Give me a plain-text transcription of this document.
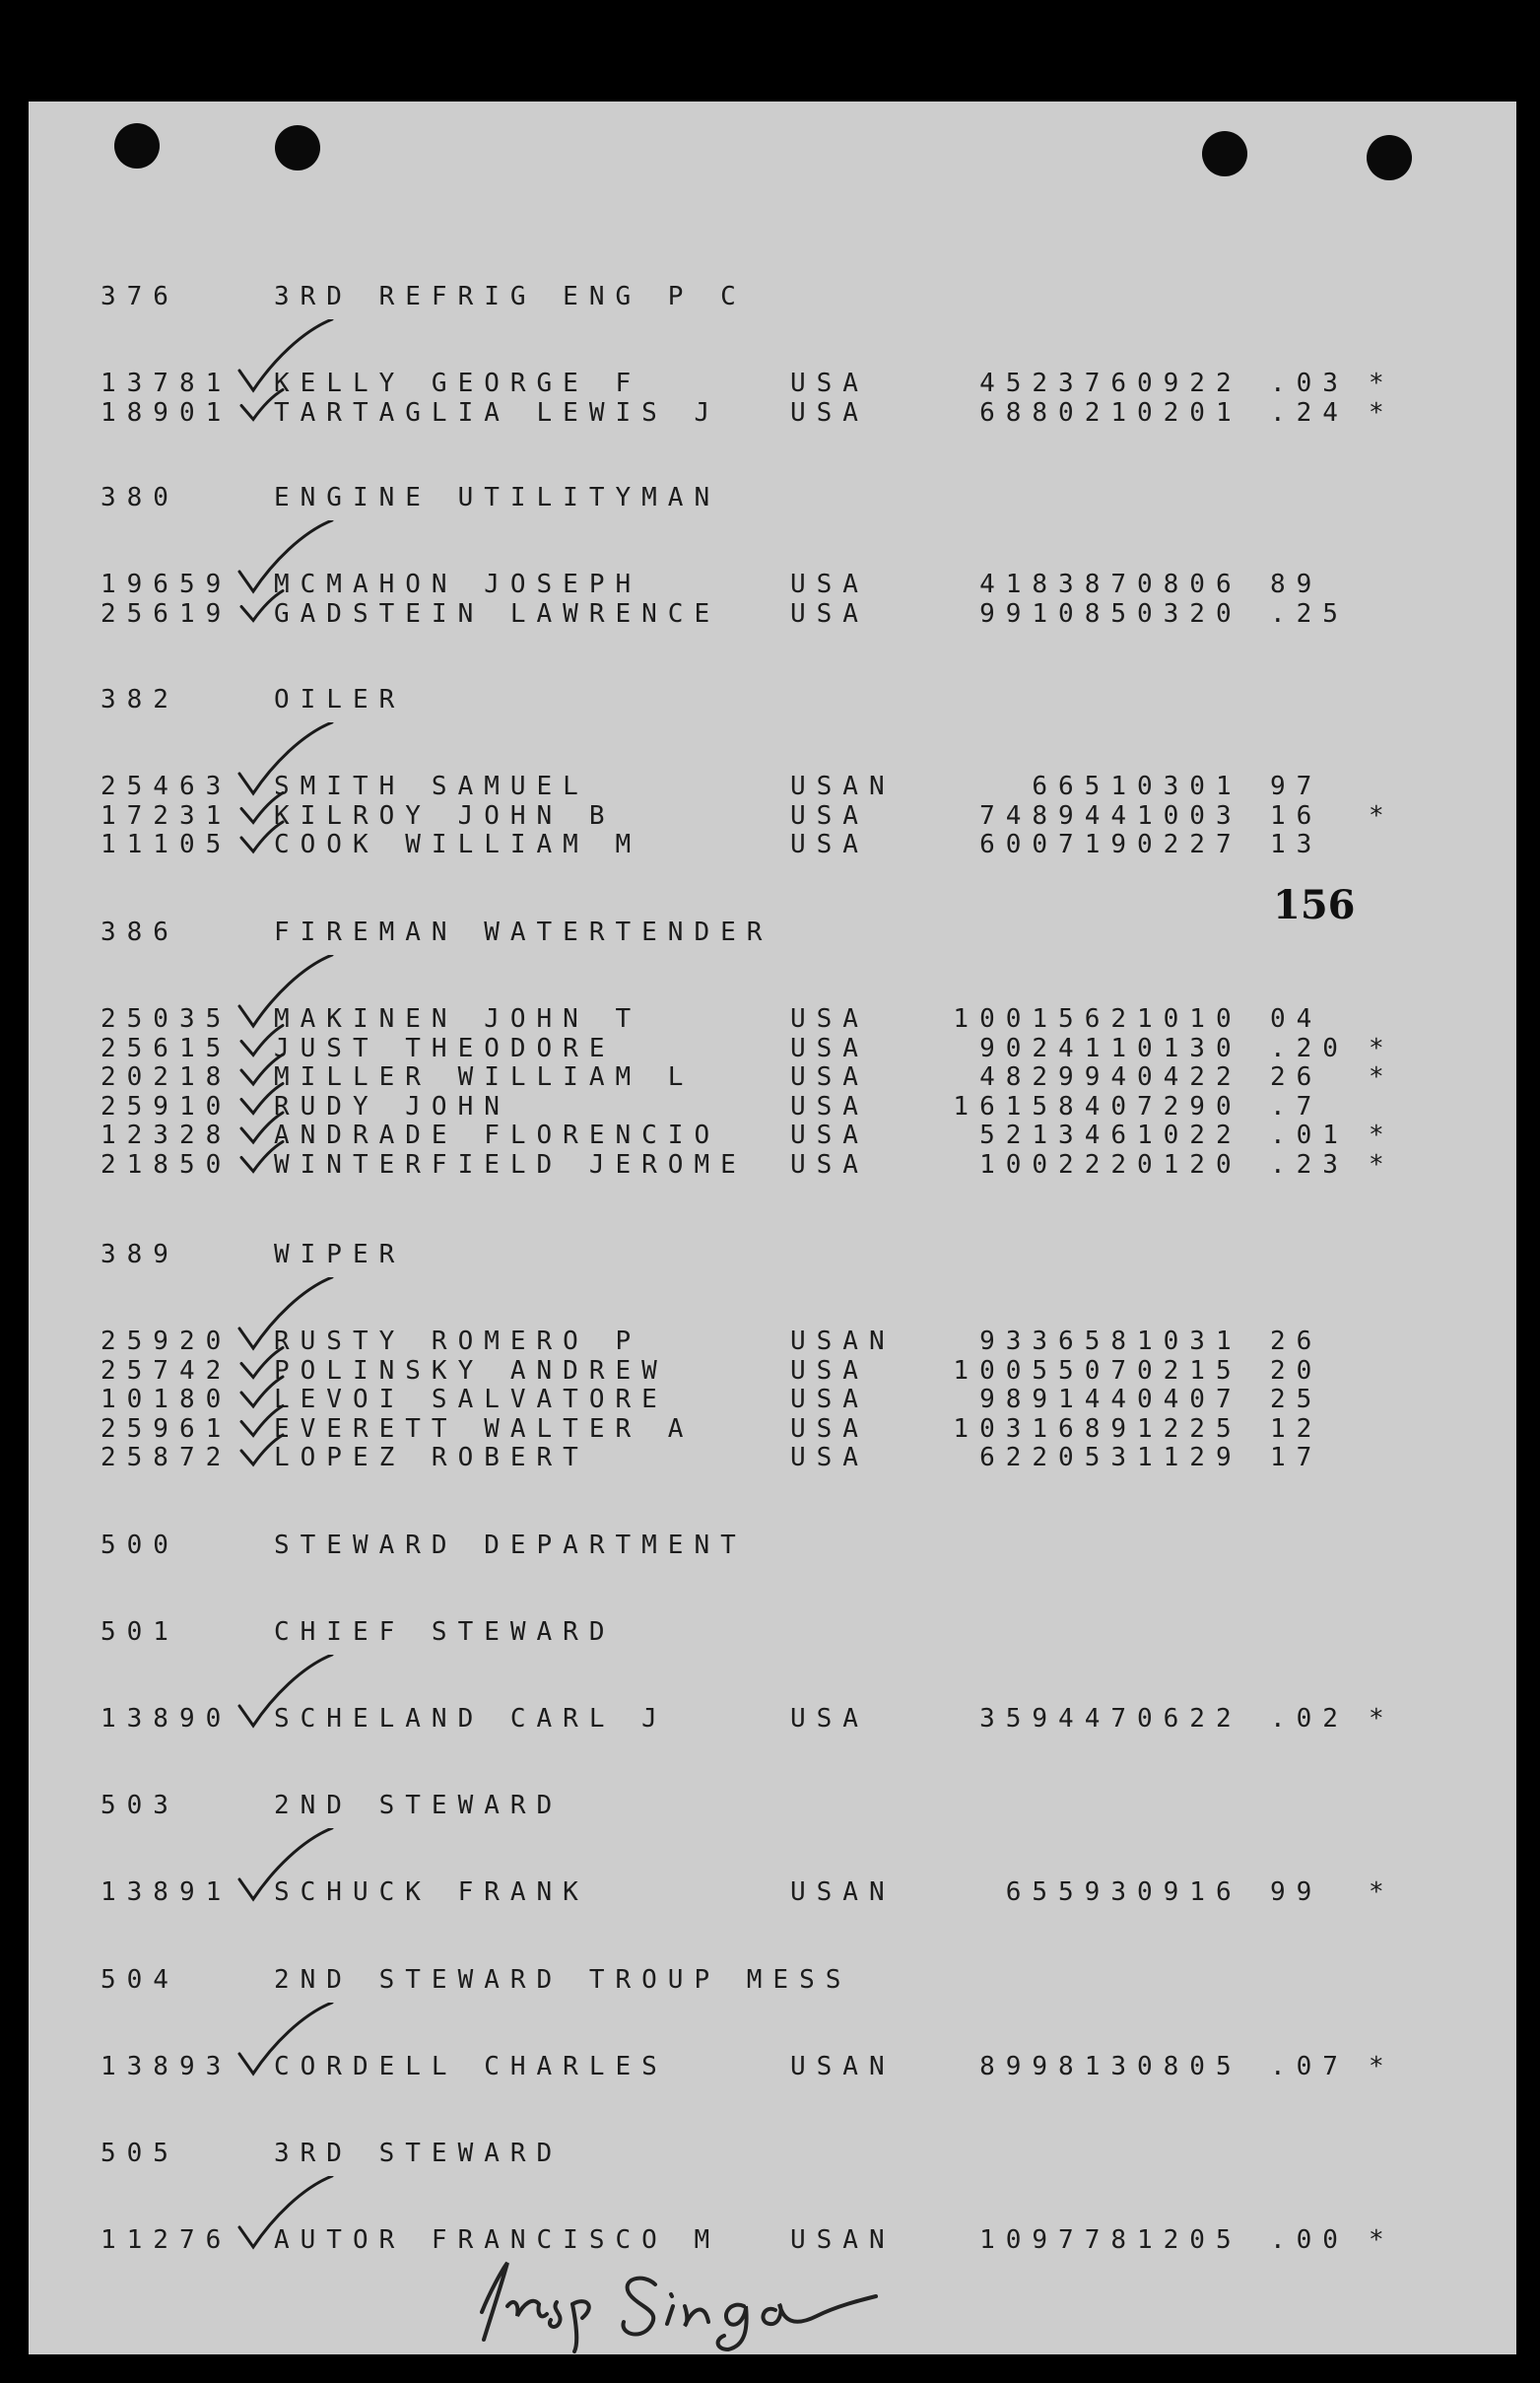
156
376	3RD REFRIG ENG P C
13781 KELLY GEORGE F	USA	452376 0922 .03 *
18901 TARTAGLIA LEWIS J	USA	688021 0201 .24 *
380	ENGINE UTILITYMAN
19659 MCMAHON JOSEPH	USA	418387 0806 89
25619 GADSTEIN LAWRENCE	USA	991085 0320 .25
382	OILER
25463 SMITH SAMUEL	USAN	6651 0301 97
17231 KILROY JOHN B	USA	748944 1003 16 *
11105 COOK WILLIAM M	USA	600719 0227 13
386	FIREMAN WATERTENDER
25035 MAKINEN JOHN T	USA	1001562 1010 04
25615 JUST THEODORE	USA	902411 0130 .20 *
20218 MILLER WILLIAM L	USA	482994 0422 26 *
25910 RUDY JOHN	USA	1615840 7290 .7
12328 ANDRADE FLORENCIO	USA	521346 1022 .01 *
21850 WINTERFIELD JEROME USA	100222 0120 .23 *
389	WIPER
25920 RUSTY ROMERO P	USAN	933658 1031 26
25742 POLINSKY ANDREW	USA	1005507 0215 20
10180 LEVOI SALVATORE	USA	989144 0407 25
25961 EVERETT WALTER A	USA	1031689 1225 12
25872 LOPEZ ROBERT	USA	622053 1129 17
500	STEWARD DEPARTMENT
501	CHIEF STEWARD
13890 SCHELAND CARL J	USA	359447 0622 .02 *
503	2ND STEWARD
13891 SCHUCK FRANK	USAN	65593 0916 99 *
504	2ND STEWARD TROUP MESS
13893 CORDELL CHARLES	USAN	899813 0805 .07 *
505	3RD STEWARD
11276 AUTOR FRANCISCO M	USAN	109778 1205 .00 *
